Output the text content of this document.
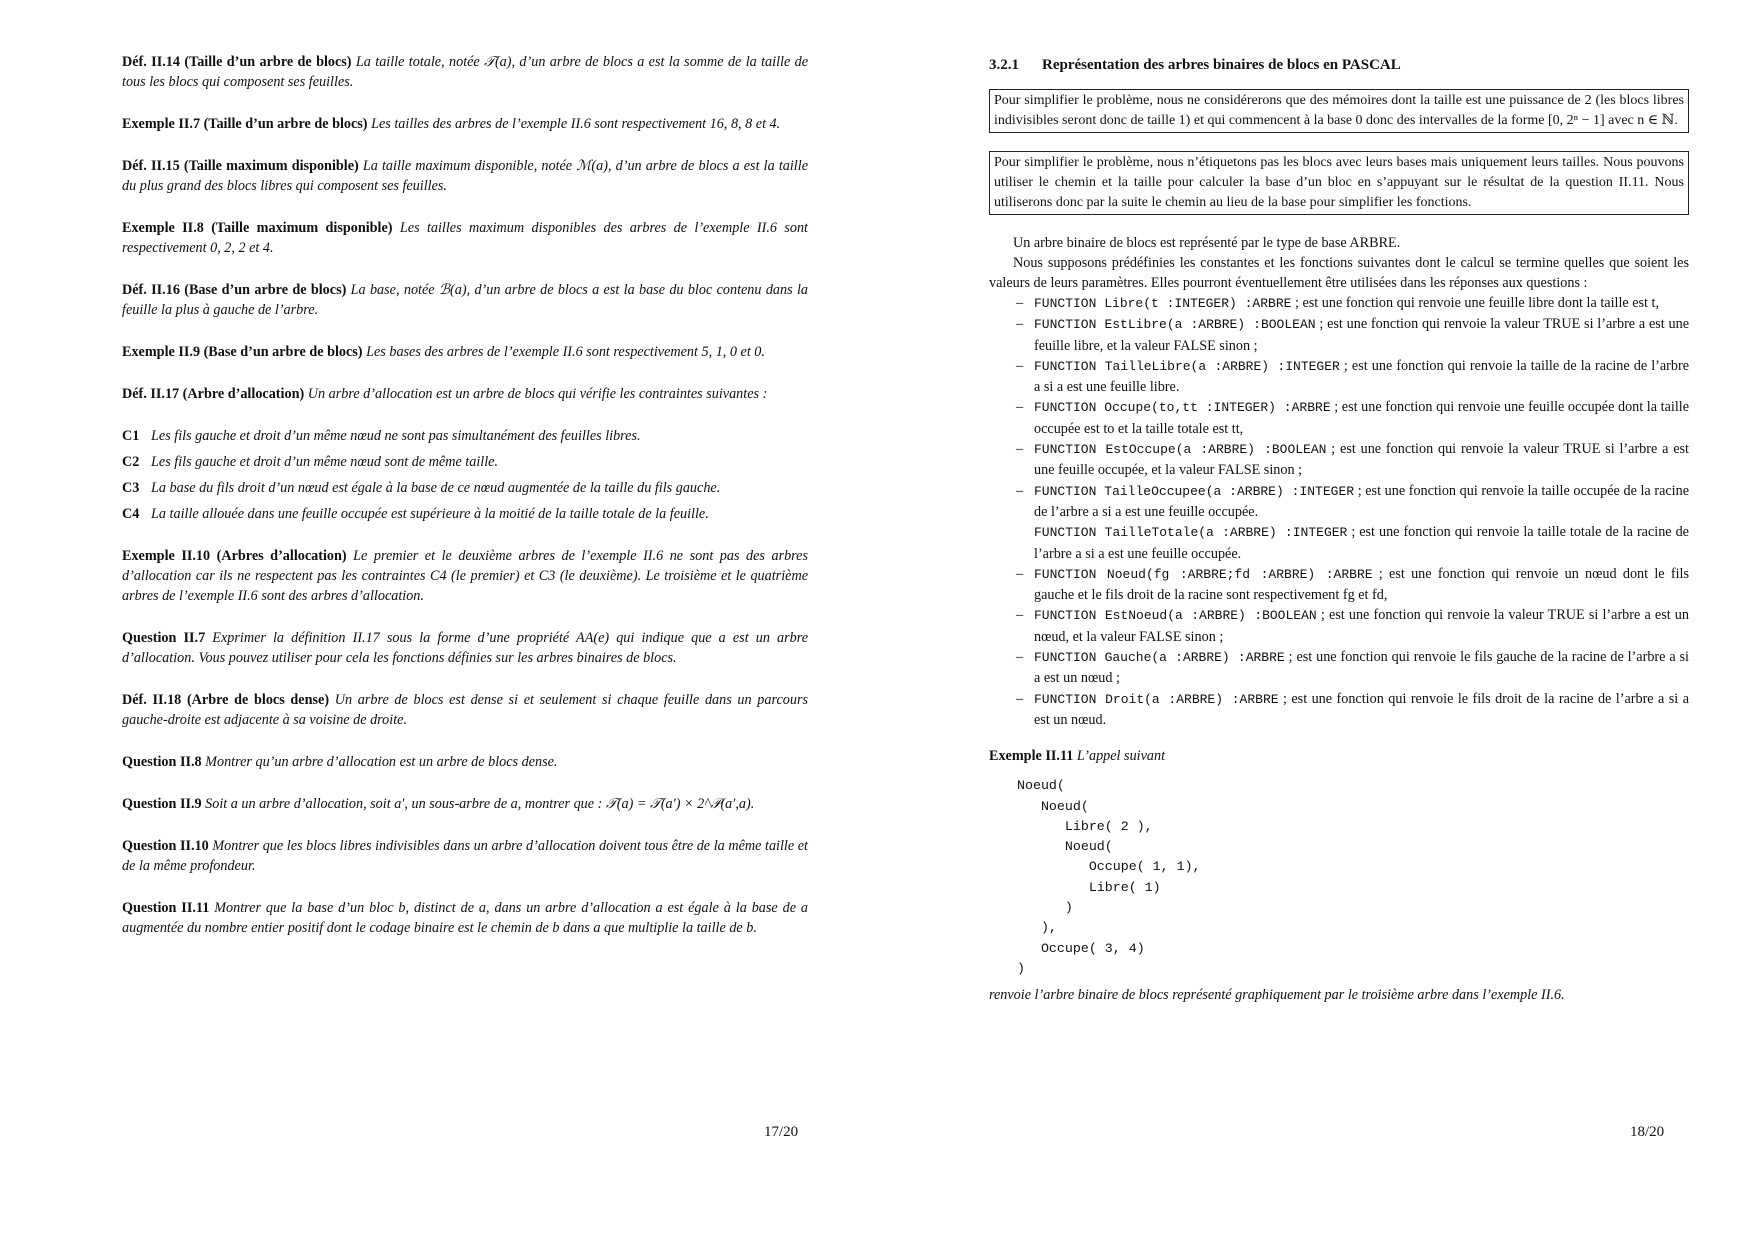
Déf. II.14 (Taille d’un arbre de blocs) La taille totale, notée 𝒯(a), d’un arbre de blocs a est la somme de la taille de tous les blocs qui composent ses feuilles.
Exemple II.7 (Taille d’un arbre de blocs) Les tailles des arbres de l’exemple II.6 sont respectivement 16, 8, 8 et 4.
Déf. II.15 (Taille maximum disponible) La taille maximum disponible, notée ℳ(a), d’un arbre de blocs a est la taille du plus grand des blocs libres qui composent ses feuilles.
Exemple II.8 (Taille maximum disponible) Les tailles maximum disponibles des arbres de l’exemple II.6 sont respectivement 0, 2, 2 et 4.
Déf. II.16 (Base d’un arbre de blocs) La base, notée ℬ(a), d’un arbre de blocs a est la base du bloc contenu dans la feuille la plus à gauche de l’arbre.
Exemple II.9 (Base d’un arbre de blocs) Les bases des arbres de l’exemple II.6 sont respectivement 5, 1, 0 et 0.
Déf. II.17 (Arbre d’allocation) Un arbre d’allocation est un arbre de blocs qui vérifie les contraintes suivantes :
C1 Les fils gauche et droit d’un même nœud ne sont pas simultanément des feuilles libres.
C2 Les fils gauche et droit d’un même nœud sont de même taille.
C3 La base du fils droit d’un nœud est égale à la base de ce nœud augmentée de la taille du fils gauche.
C4 La taille allouée dans une feuille occupée est supérieure à la moitié de la taille totale de la feuille.
Exemple II.10 (Arbres d’allocation) Le premier et le deuxième arbres de l’exemple II.6 ne sont pas des arbres d’allocation car ils ne respectent pas les contraintes C4 (le premier) et C3 (le deuxième). Le troisième et le quatrième arbres de l’exemple II.6 sont des arbres d’allocation.
Question II.7 Exprimer la définition II.17 sous la forme d’une propriété AA(e) qui indique que a est un arbre d’allocation. Vous pouvez utiliser pour cela les fonctions définies sur les arbres binaires de blocs.
Déf. II.18 (Arbre de blocs dense) Un arbre de blocs est dense si et seulement si chaque feuille dans un parcours gauche-droite est adjacente à sa voisine de droite.
Question II.8 Montrer qu’un arbre d’allocation est un arbre de blocs dense.
Question II.9 Soit a un arbre d’allocation, soit a′, un sous-arbre de a, montrer que : 𝒯(a) = 𝒯(a′) × 2^𝒫(a′,a).
Question II.10 Montrer que les blocs libres indivisibles dans un arbre d’allocation doivent tous être de la même taille et de la même profondeur.
Question II.11 Montrer que la base d’un bloc b, distinct de a, dans un arbre d’allocation a est égale à la base de a augmentée du nombre entier positif dont le codage binaire est le chemin de b dans a que multiplie la taille de b.
17/20
3.2.1 Représentation des arbres binaires de blocs en PASCAL
Pour simplifier le problème, nous ne considérerons que des mémoires dont la taille est une puissance de 2 (les blocs libres indivisibles seront donc de taille 1) et qui commencent à la base 0 donc des intervalles de la forme [0, 2ⁿ − 1] avec n ∈ ℕ.
Pour simplifier le problème, nous n’étiquetons pas les blocs avec leurs bases mais uniquement leurs tailles. Nous pouvons utiliser le chemin et la taille pour calculer la base d’un bloc en s’appuyant sur le résultat de la question II.11. Nous utiliserons donc par la suite le chemin au lieu de la base pour simplifier les fonctions.

Un arbre binaire de blocs est représenté par le type de base ARBRE.

Nous supposons prédéfinies les constantes et les fonctions suivantes dont le calcul se termine quelles que soient les valeurs de leurs paramètres. Elles pourront éventuellement être utilisées dans les réponses aux questions :

– FUNCTION Libre(t :INTEGER) :ARBRE ; est une fonction qui renvoie une feuille libre dont la taille est t,
– FUNCTION EstLibre(a :ARBRE) :BOOLEAN ; est une fonction qui renvoie la valeur TRUE si l’arbre a est une feuille libre, et la valeur FALSE sinon ;
– FUNCTION TailleLibre(a :ARBRE) :INTEGER ; est une fonction qui renvoie la taille de la racine de l’arbre a si a est une feuille libre.
– FUNCTION Occupe(to,tt :INTEGER) :ARBRE ; est une fonction qui renvoie une feuille occupée dont la taille occupée est to et la taille totale est tt,
– FUNCTION EstOccupe(a :ARBRE) :BOOLEAN ; est une fonction qui renvoie la valeur TRUE si l’arbre a est une feuille occupée, et la valeur FALSE sinon ;
– FUNCTION TailleOccupee(a :ARBRE) :INTEGER ; est une fonction qui renvoie la taille occupée de la racine de l’arbre a si a est une feuille occupée.
FUNCTION TailleTotale(a :ARBRE) :INTEGER ; est une fonction qui renvoie la taille totale de la racine de l’arbre a si a est une feuille occupée.
– FUNCTION Noeud(fg :ARBRE;fd :ARBRE) :ARBRE ; est une fonction qui renvoie un nœud dont le fils gauche et le fils droit de la racine sont respectivement fg et fd,
– FUNCTION EstNoeud(a :ARBRE) :BOOLEAN ; est une fonction qui renvoie la valeur TRUE si l’arbre a est un nœud, et la valeur FALSE sinon ;
– FUNCTION Gauche(a :ARBRE) :ARBRE ; est une fonction qui renvoie le fils gauche de la racine de l’arbre a si a est un nœud ;
– FUNCTION Droit(a :ARBRE) :ARBRE ; est une fonction qui renvoie le fils droit de la racine de l’arbre a si a est un nœud.
Exemple II.11 L’appel suivant
Noeud(
Noeud(
Libre( 2 ),
Noeud(
Occupe( 1, 1),
Libre( 1)
)
),
Occupe( 3, 4)
)

renvoie l’arbre binaire de blocs représenté graphiquement par le troisième arbre dans l’exemple II.6.

18/20
